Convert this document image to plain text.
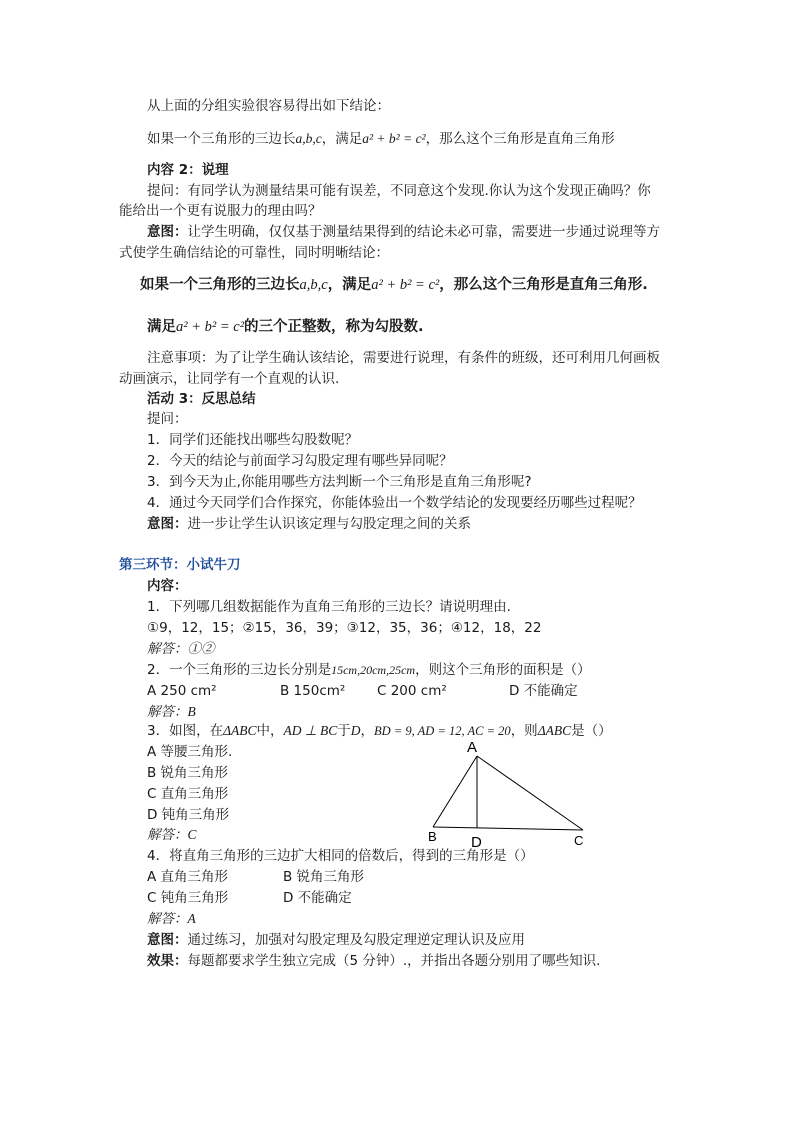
从上面的分组实验很容易得出如下结论：
如果一个三角形的三边长a,b,c，满足a² + b² = c²，那么这个三角形是直角三角形
内容 2：说理
提问：有同学认为测量结果可能有误差，不同意这个发现.你认为这个发现正确吗？你
能给出一个更有说服力的理由吗？
意图：让学生明确，仅仅基于测量结果得到的结论未必可靠，需要进一步通过说理等方
式使学生确信结论的可靠性，同时明晰结论：
如果一个三角形的三边长a,b,c，满足a² + b² = c²，那么这个三角形是直角三角形.
满足a² + b² = c²的三个正整数，称为勾股数.
注意事项：为了让学生确认该结论，需要进行说理，有条件的班级，还可利用几何画板
动画演示，让同学有一个直观的认识.
活动 3：反思总结
提问：
1．同学们还能找出哪些勾股数呢？
2．今天的结论与前面学习勾股定理有哪些异同呢？
3．到今天为止,你能用哪些方法判断一个三角形是直角三角形呢?
4．通过今天同学们合作探究，你能体验出一个数学结论的发现要经历哪些过程呢？
意图：进一步让学生认识该定理与勾股定理之间的关系
第三环节：小试牛刀
内容：
1．下列哪几组数据能作为直角三角形的三边长？请说明理由.
①9，12，15；②15，36，39；③12，35，36；④12，18，22
解答：①②
2．一个三角形的三边长分别是15cm,20cm,25cm，则这个三角形的面积是（）
A 250 cm²	B 150cm² C 200 cm²	D 不能确定
解答：B
3．如图，在ΔABC中，AD ⊥ BC于D，BD = 9, AD = 12, AC = 20，则ΔABC是（）
A 等腰三角形.
B 锐角三角形
C 直角三角形
D 钝角三角形
解答：C
A
B D	C
4．将直角三角形的三边扩大相同的倍数后，得到的三角形是（）
A 直角三角形	B 锐角三角形
C 钝角三角形	D 不能确定
解答：A
意图：通过练习，加强对勾股定理及勾股定理逆定理认识及应用
效果：每题都要求学生独立完成（5 分钟）.，并指出各题分别用了哪些知识.
